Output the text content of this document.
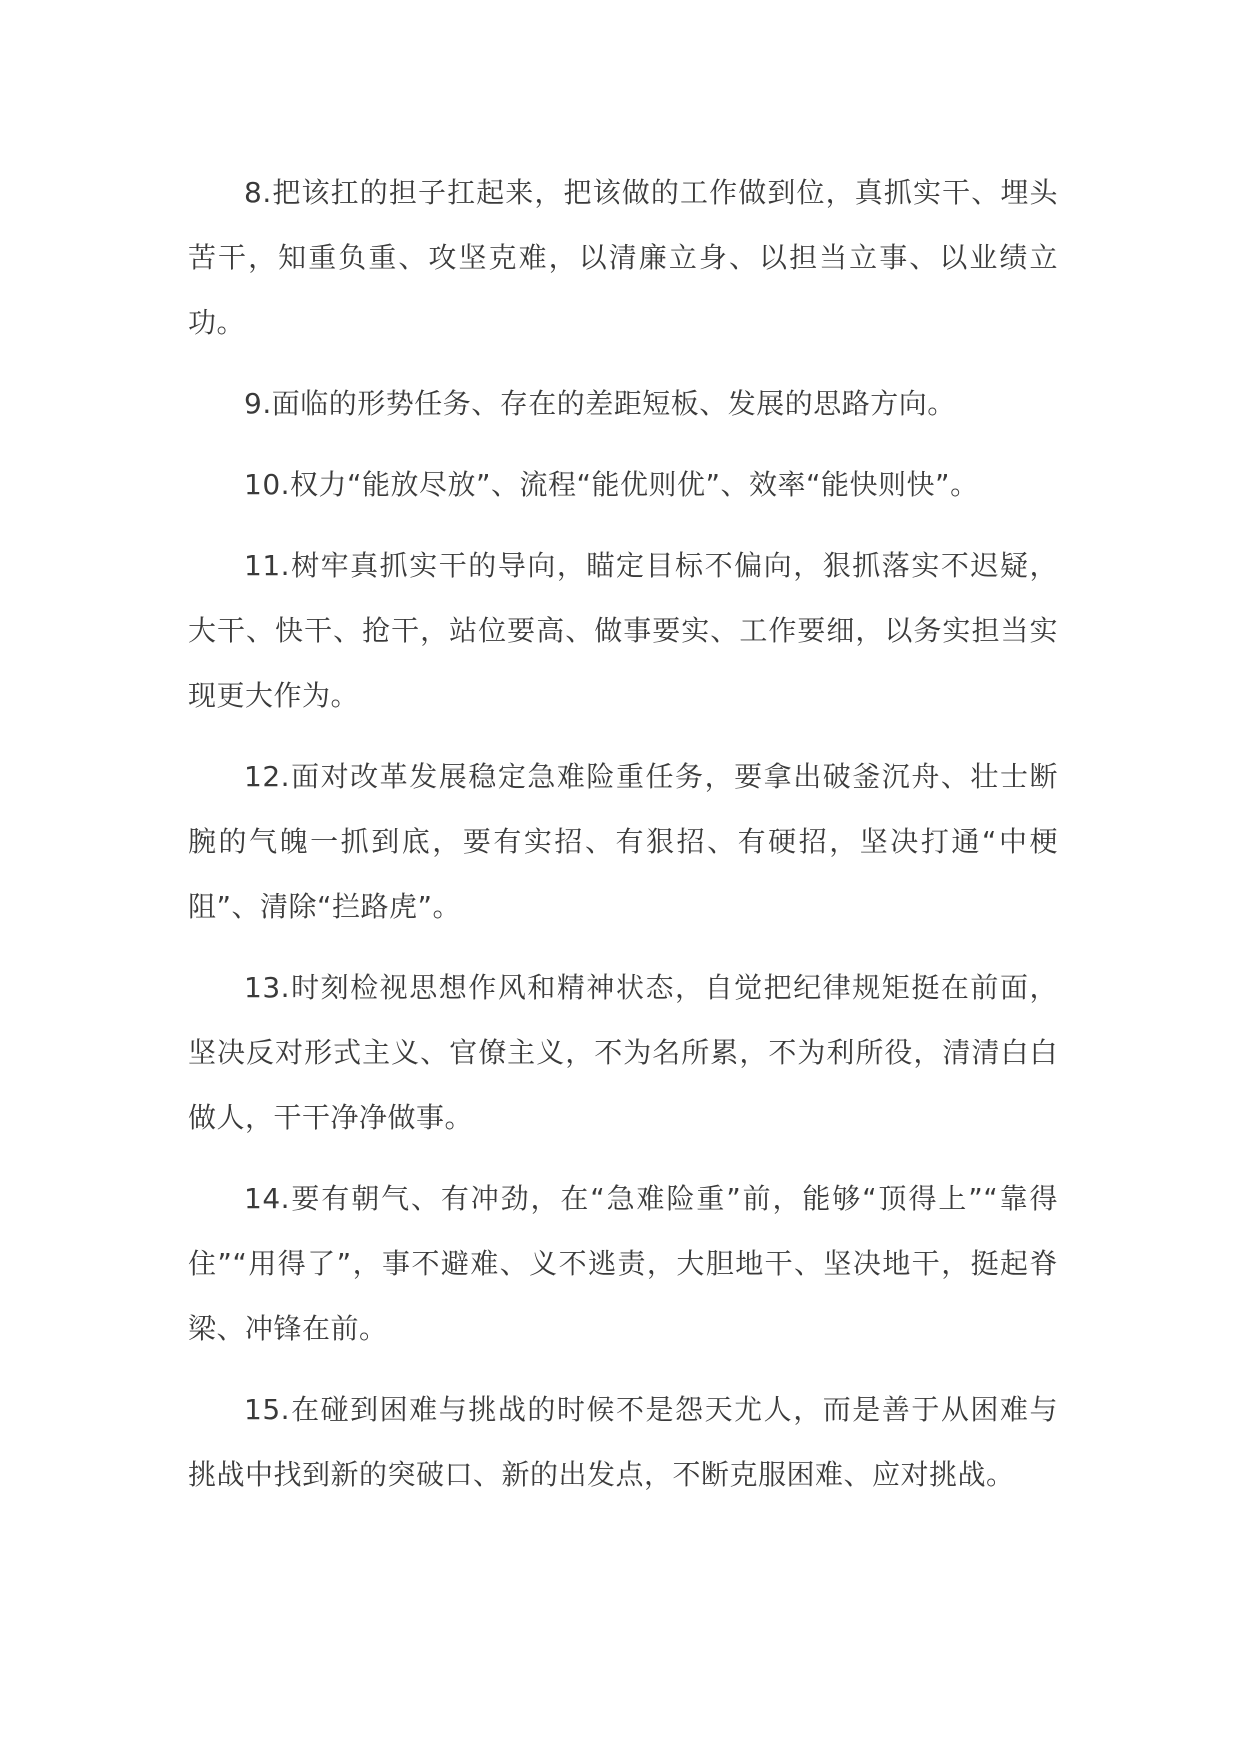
8.把该扛的担子扛起来，把该做的工作做到位，真抓实干、埋头苦干，知重负重、攻坚克难，以清廉立身、以担当立事、以业绩立功。

9.面临的形势任务、存在的差距短板、发展的思路方向。

10.权力“能放尽放”、流程“能优则优”、效率“能快则快”。

11.树牢真抓实干的导向，瞄定目标不偏向，狠抓落实不迟疑，大干、快干、抢干，站位要高、做事要实、工作要细，以务实担当实现更大作为。

12.面对改革发展稳定急难险重任务，要拿出破釜沉舟、壮士断腕的气魄一抓到底，要有实招、有狠招、有硬招，坚决打通“中梗阻”、清除“拦路虎”。

13.时刻检视思想作风和精神状态，自觉把纪律规矩挺在前面，坚决反对形式主义、官僚主义，不为名所累，不为利所役，清清白白做人，干干净净做事。

14.要有朝气、有冲劲，在“急难险重”前，能够“顶得上”“靠得住”“用得了”，事不避难、义不逃责，大胆地干、坚决地干，挺起脊梁、冲锋在前。

15.在碰到困难与挑战的时候不是怨天尤人，而是善于从困难与挑战中找到新的突破口、新的出发点，不断克服困难、应对挑战。
